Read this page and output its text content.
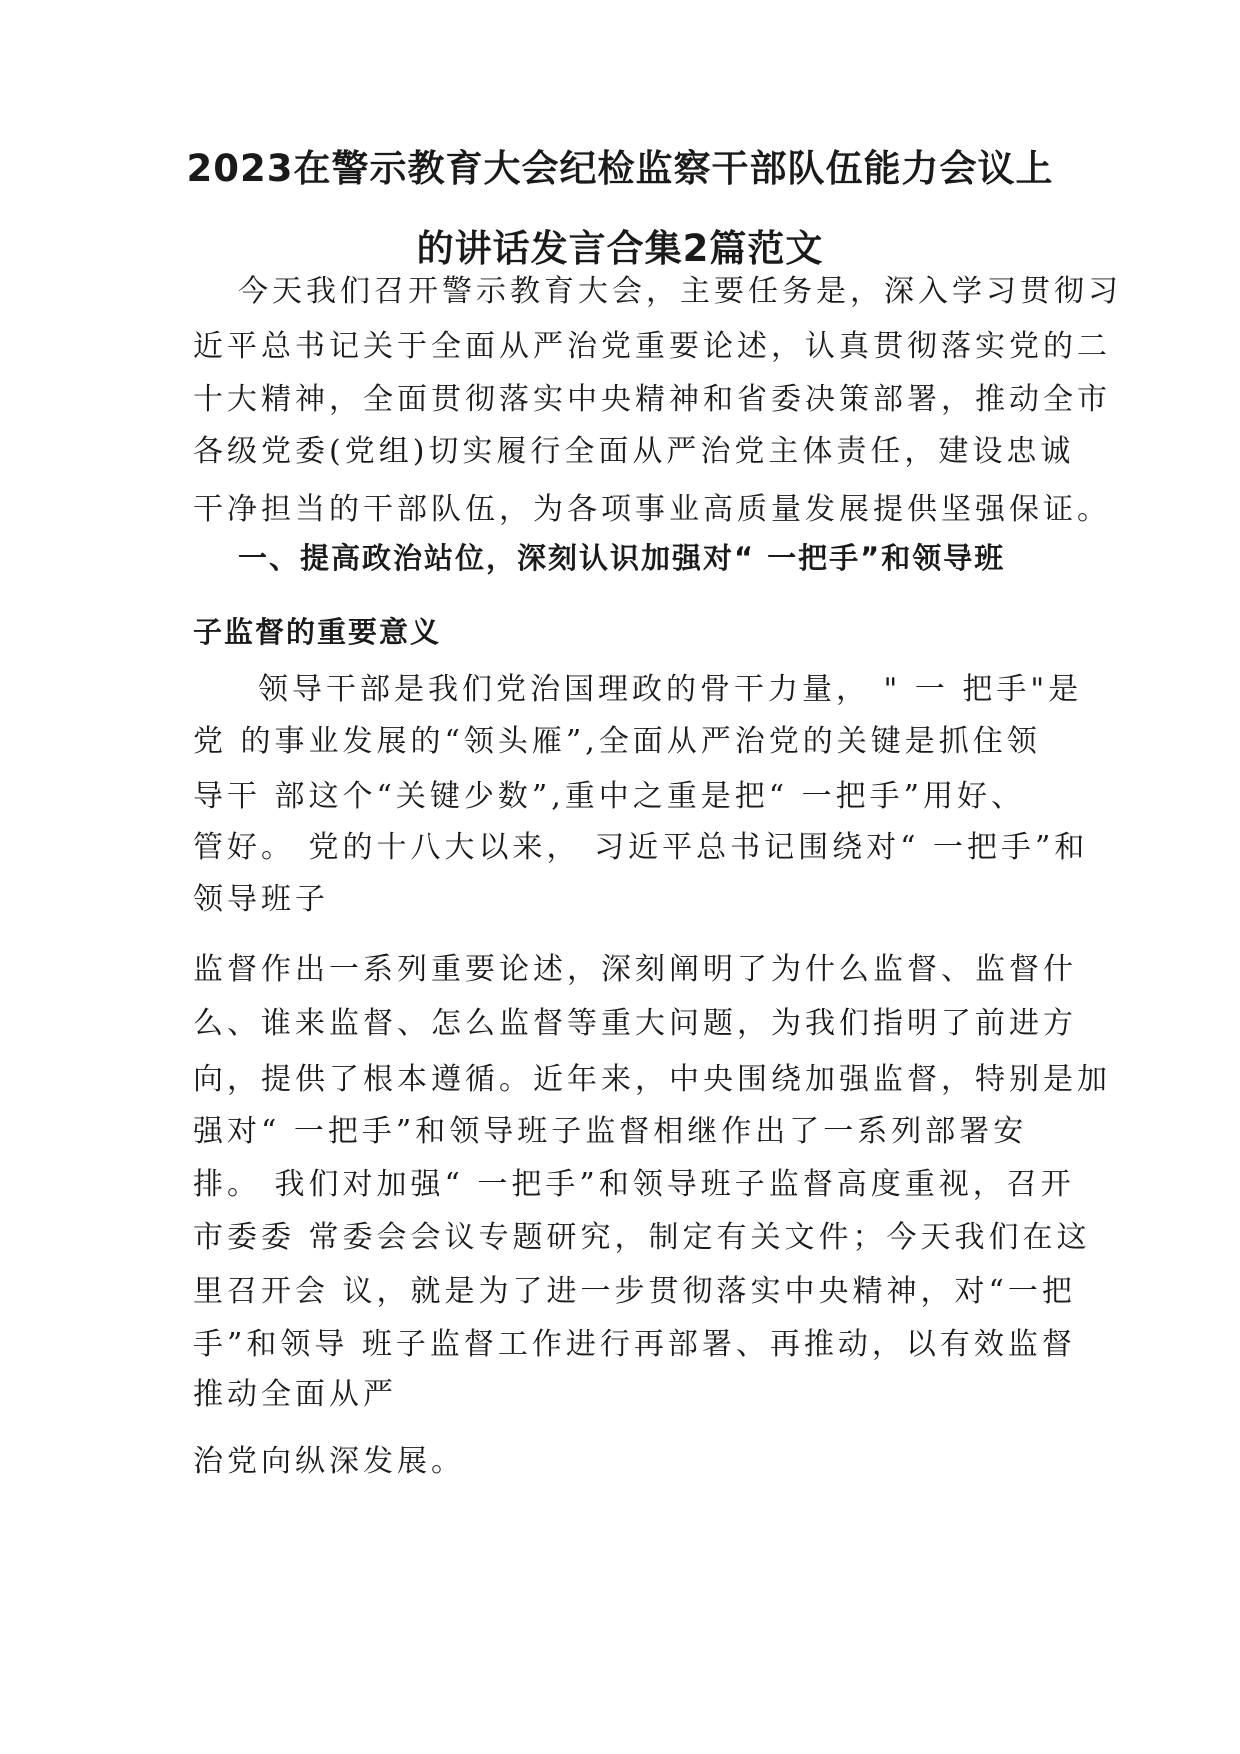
2023在警示教育大会纪检监察干部队伍能力会议上
的讲话发言合集2篇范文
今天我们召开警示教育大会，主要任务是，深入学习贯彻习
近平总书记关于全面从严治党重要论述，认真贯彻落实党的二
十大精神，全面贯彻落实中央精神和省委决策部署，推动全市
各级党委(党组)切实履行全面从严治党主体责任，建设忠诚
干净担当的干部队伍，为各项事业高质量发展提供坚强保证。
一、提高政治站位，深刻认识加强对“ 一把手”和领导班
子监督的重要意义
领导干部是我们党治国理政的骨干力量， " 一 把手"是
党 的事业发展的“领头雁”,全面从严治党的关键是抓住领
导干 部这个“关键少数”,重中之重是把“ 一把手”用好、
管好。 党的十八大以来， 习近平总书记围绕对“ 一把手”和
领导班子
监督作出一系列重要论述，深刻阐明了为什么监督、监督什
么、谁来监督、怎么监督等重大问题，为我们指明了前进方
向，提供了根本遵循。近年来，中央围绕加强监督，特别是加
强对“ 一把手”和领导班子监督相继作出了一系列部署安
排。 我们对加强“ 一把手”和领导班子监督高度重视，召开
市委委 常委会会议专题研究，制定有关文件；今天我们在这
里召开会 议，就是为了进一步贯彻落实中央精神，对“一把
手”和领导 班子监督工作进行再部署、再推动，以有效监督
推动全面从严
治党向纵深发展。
